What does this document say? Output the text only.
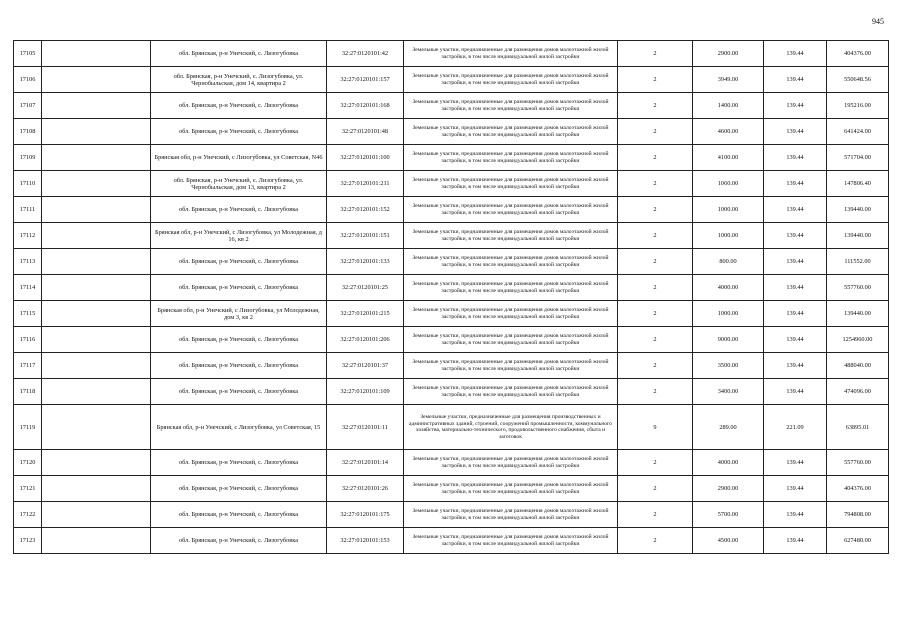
945
17105		обл. Брянская, р-н Унечский, с. Лизогубовка	32:27:0120101:42	Земельные участки, предназначенные для размещения домов малоэтажной жилой застройки, в том числе индивидуальной жилой застройки	2	2900.00	139.44	404376.00
17106		обл. Брянская, р-н Унечский, с. Лизогубовка, ул. Чернобыльская, дом 14, квартира 2	32:27:0120101:157	Земельные участки, предназначенные для размещения домов малоэтажной жилой застройки, в том числе индивидуальной жилой застройки	2	3949.00	139.44	550648.56
17107		обл. Брянская, р-н Унечский, с. Лизогубовка	32:27:0120101:168	Земельные участки, предназначенные для размещения домов малоэтажной жилой застройки, в том числе индивидуальной жилой застройки	2	1400.00	139.44	195216.00
17108		обл. Брянская, р-н Унечский, с. Лизогубовка	32:27:0120101:48	Земельные участки, предназначенные для размещения домов малоэтажной жилой застройки, в том числе индивидуальной жилой застройки	2	4600.00	139.44	641424.00
17109		Брянская обл, р-н Унечский, с Лизогубовка, ул Советская, N46	32:27:0120101:100	Земельные участки, предназначенные для размещения домов малоэтажной жилой застройки, в том числе индивидуальной жилой застройки	2	4100.00	139.44	571704.00
17110		обл. Брянская, р-н Унечский, с. Лизогубовка, ул. Чернобыльская, дом 13, квартира 2	32:27:0120101:211	Земельные участки, предназначенные для размещения домов малоэтажной жилой застройки, в том числе индивидуальной жилой застройки	2	1060.00	139.44	147806.40
17111		обл. Брянская, р-н Унечский, с. Лизогубовка	32:27:0120101:152	Земельные участки, предназначенные для размещения домов малоэтажной жилой застройки, в том числе индивидуальной жилой застройки	2	1000.00	139.44	139440.00
17112		Брянская обл, р-н Унечский, с Лизогубовка, ул Молодежная, д 16, кв 2	32:27:0120101:151	Земельные участки, предназначенные для размещения домов малоэтажной жилой застройки, в том числе индивидуальной жилой застройки	2	1000.00	139.44	139440.00
17113		обл. Брянская, р-н Унечский, с. Лизогубовка	32:27:0120101:133	Земельные участки, предназначенные для размещения домов малоэтажной жилой застройки, в том числе индивидуальной жилой застройки	2	800.00	139.44	111552.00
17114		обл. Брянская, р-н Унечский, с. Лизогубовка	32:27:0120101:25	Земельные участки, предназначенные для размещения домов малоэтажной жилой застройки, в том числе индивидуальной жилой застройки	2	4000.00	139.44	557760.00
17115		Брянская обл, р-н Унечский, с Лизогубовка, ул Молодежная, дом 3, кв 2	32:27:0120101:215	Земельные участки, предназначенные для размещения домов малоэтажной жилой застройки, в том числе индивидуальной жилой застройки	2	1000.00	139.44	139440.00
17116		обл. Брянская, р-н Унечский, с. Лизогубовка	32:27:0120101:206	Земельные участки, предназначенные для размещения домов малоэтажной жилой застройки, в том числе индивидуальной жилой застройки	2	9000.00	139.44	1254960.00
17117		обл. Брянская, р-н Унечский, с. Лизогубовка	32:27:0120101:37	Земельные участки, предназначенные для размещения домов малоэтажной жилой застройки, в том числе индивидуальной жилой застройки	2	3500.00	139.44	488040.00
17118		обл. Брянская, р-н Унечский, с. Лизогубовка	32:27:0120101:109	Земельные участки, предназначенные для размещения домов малоэтажной жилой застройки, в том числе индивидуальной жилой застройки	2	3400.00	139.44	474096.00
17119		Брянская обл, р-н Унечский, с Лизогубовка, ул Советская, 15	32:27:0120101:11	Земельные участки, предназначенные для размещения производственных и административных зданий, строений, сооружений промышленности, коммунального хозяйства, материально-технического, продовольственного снабжения, сбыта и заготовок	9	289.00	221.09	63895.01
17120		обл. Брянская, р-н Унечский, с. Лизогубовка	32:27:0120101:14	Земельные участки, предназначенные для размещения домов малоэтажной жилой застройки, в том числе индивидуальной жилой застройки	2	4000.00	139.44	557760.00
17121		обл. Брянская, р-н Унечский, с. Лизогубовка	32:27:0120101:26	Земельные участки, предназначенные для размещения домов малоэтажной жилой застройки, в том числе индивидуальной жилой застройки	2	2900.00	139.44	404376.00
17122		обл. Брянская, р-н Унечский, с. Лизогубовка	32:27:0120101:175	Земельные участки, предназначенные для размещения домов малоэтажной жилой застройки, в том числе индивидуальной жилой застройки	2	5700.00	139.44	794808.00
17123		обл. Брянская, р-н Унечский, с. Лизогубовка	32:27:0120101:153	Земельные участки, предназначенные для размещения домов малоэтажной жилой застройки, в том числе индивидуальной жилой застройки	2	4500.00	139.44	627480.00
